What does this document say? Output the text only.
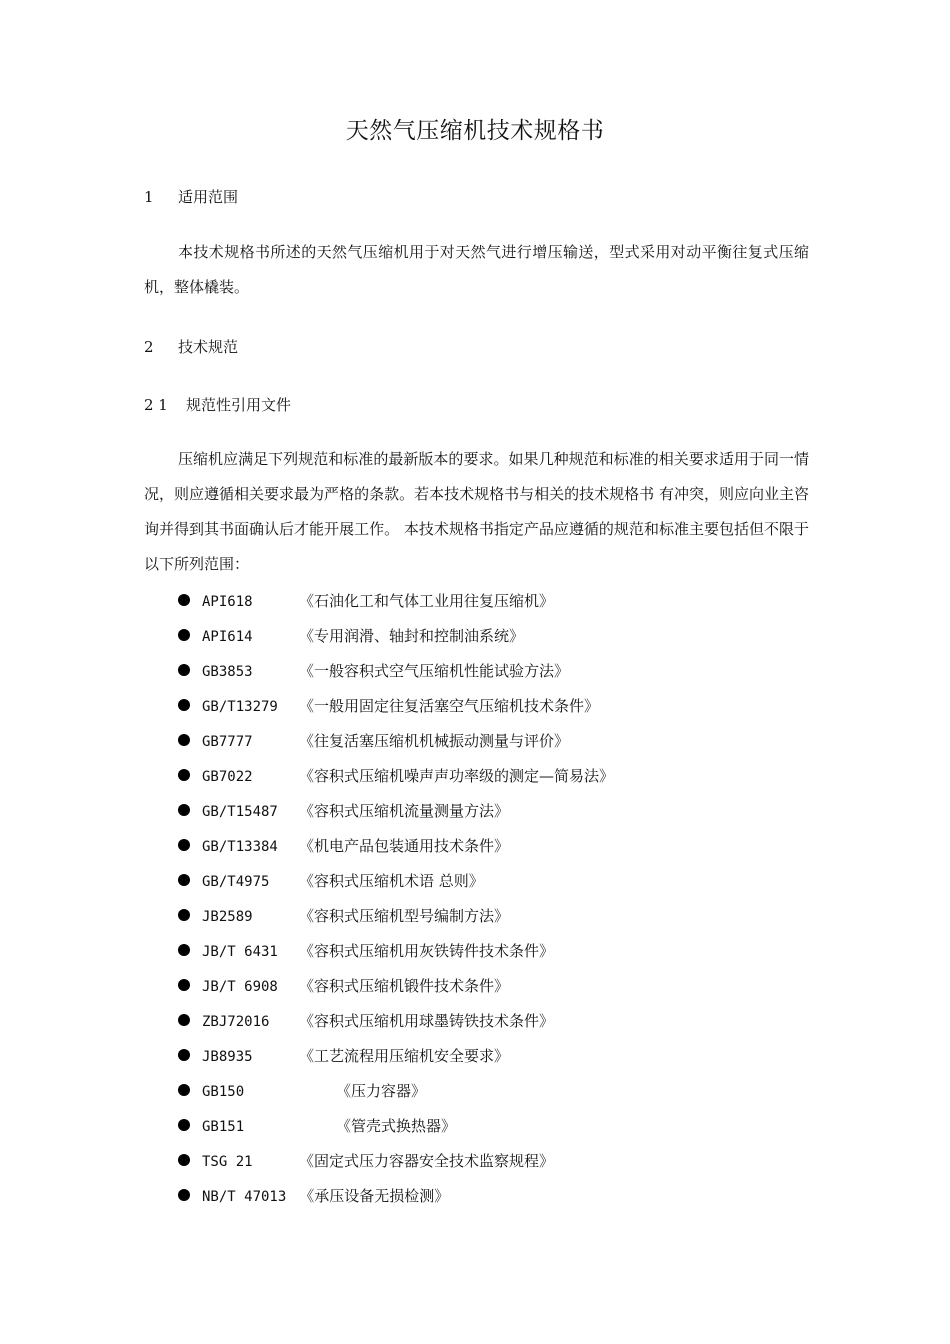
天然气压缩机技术规格书
1 适用范围
本技术规格书所述的天然气压缩机用于对天然气进行增压输送，型式采用对动平衡往复式压缩机，整体橇装。
2 技术规范
2 1 规范性引用文件
压缩机应满足下列规范和标准的最新版本的要求。如果几种规范和标准的相关要求适用于同一情况，则应遵循相关要求最为严格的条款。若本技术规格书与相关的技术规格书 有冲突，则应向业主咨询并得到其书面确认后才能开展工作。 本技术规格书指定产品应遵循的规范和标准主要包括但不限于以下所列范围：
API618	《石油化工和气体工业用往复压缩机》
API614	《专用润滑、轴封和控制油系统》
GB3853	《一般容积式空气压缩机性能试验方法》
GB/T13279 《一般用固定往复活塞空气压缩机技术条件》
GB7777	《往复活塞压缩机机械振动测量与评价》
GB7022	《容积式压缩机噪声声功率级的测定—简易法》
GB/T15487 《容积式压缩机流量测量方法》
GB/T13384 《机电产品包装通用技术条件》
GB/T4975 《容积式压缩机术语 总则》
JB2589	《容积式压缩机型号编制方法》
JB/T 6431 《容积式压缩机用灰铁铸件技术条件》
JB/T 6908 《容积式压缩机锻件技术条件》
ZBJ72016 《容积式压缩机用球墨铸铁技术条件》
JB8935	《工艺流程用压缩机安全要求》
GB150	《压力容器》
GB151	《管壳式换热器》
TSG 21	《固定式压力容器安全技术监察规程》
NB/T 47013 《承压设备无损检测》
